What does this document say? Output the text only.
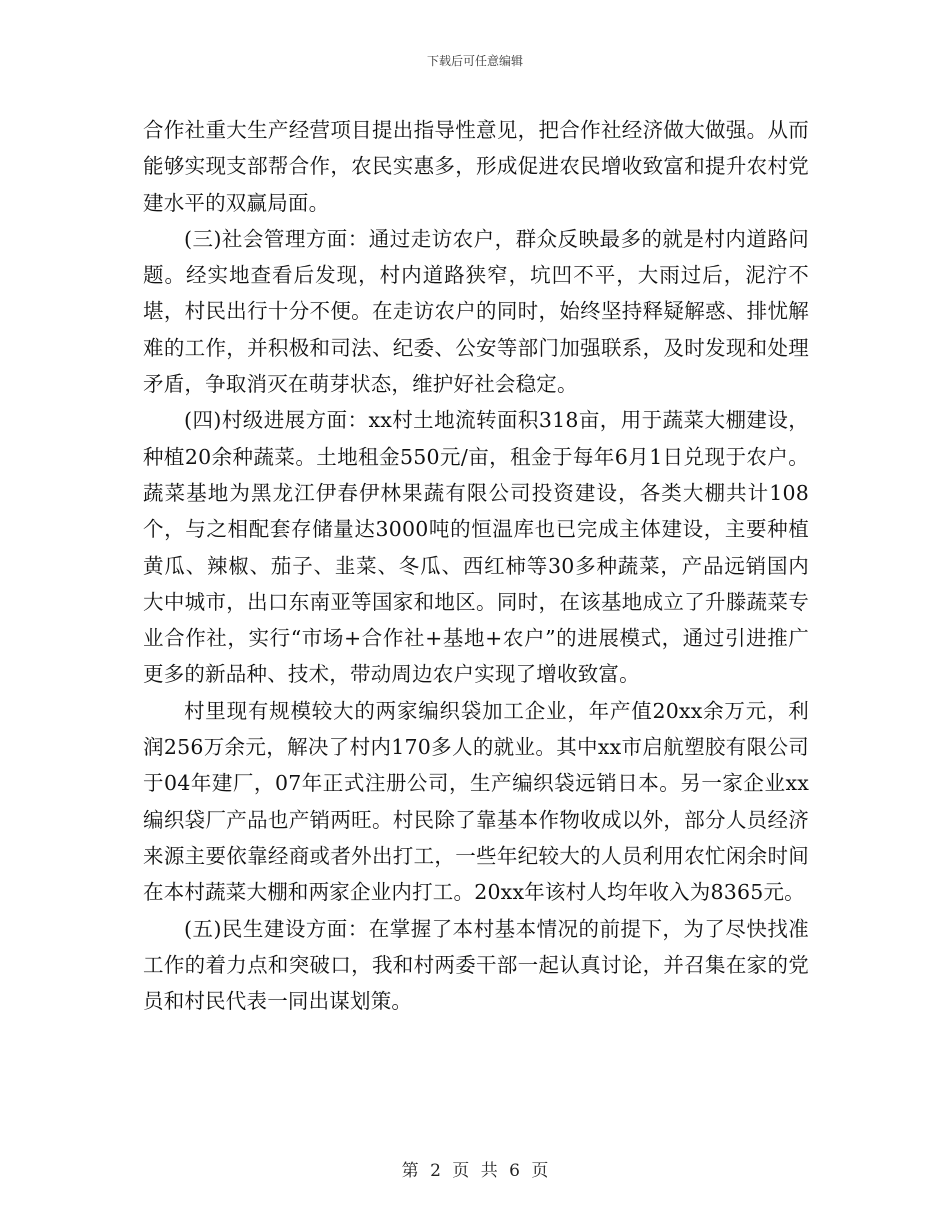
下载后可任意编辑

合作社重大生产经营项目提出指导性意见，把合作社经济做大做强。从而能够实现支部帮合作，农民实惠多，形成促进农民增收致富和提升农村党建水平的双赢局面。

(三)社会管理方面：通过走访农户，群众反映最多的就是村内道路问题。经实地查看后发现，村内道路狭窄，坑凹不平，大雨过后，泥泞不堪，村民出行十分不便。在走访农户的同时，始终坚持释疑解惑、排忧解难的工作，并积极和司法、纪委、公安等部门加强联系，及时发现和处理矛盾，争取消灭在萌芽状态，维护好社会稳定。

(四)村级进展方面：xx村土地流转面积318亩，用于蔬菜大棚建设，种植20余种蔬菜。土地租金550元/亩，租金于每年6月1日兑现于农户。蔬菜基地为黑龙江伊春伊林果蔬有限公司投资建设，各类大棚共计108个，与之相配套存储量达3000吨的恒温库也已完成主体建设，主要种植黄瓜、辣椒、茄子、韭菜、冬瓜、西红柿等30多种蔬菜，产品远销国内大中城市，出口东南亚等国家和地区。同时，在该基地成立了升滕蔬菜专业合作社，实行“市场+合作社+基地+农户”的进展模式，通过引进推广更多的新品种、技术，带动周边农户实现了增收致富。

村里现有规模较大的两家编织袋加工企业，年产值20xx余万元，利润256万余元，解决了村内170多人的就业。其中xx市启航塑胶有限公司于04年建厂，07年正式注册公司，生产编织袋远销日本。另一家企业xx编织袋厂产品也产销两旺。村民除了靠基本作物收成以外，部分人员经济来源主要依靠经商或者外出打工，一些年纪较大的人员利用农忙闲余时间在本村蔬菜大棚和两家企业内打工。20xx年该村人均年收入为8365元。

(五)民生建设方面：在掌握了本村基本情况的前提下，为了尽快找准工作的着力点和突破口，我和村两委干部一起认真讨论，并召集在家的党员和村民代表一同出谋划策。

第 2 页 共 6 页
